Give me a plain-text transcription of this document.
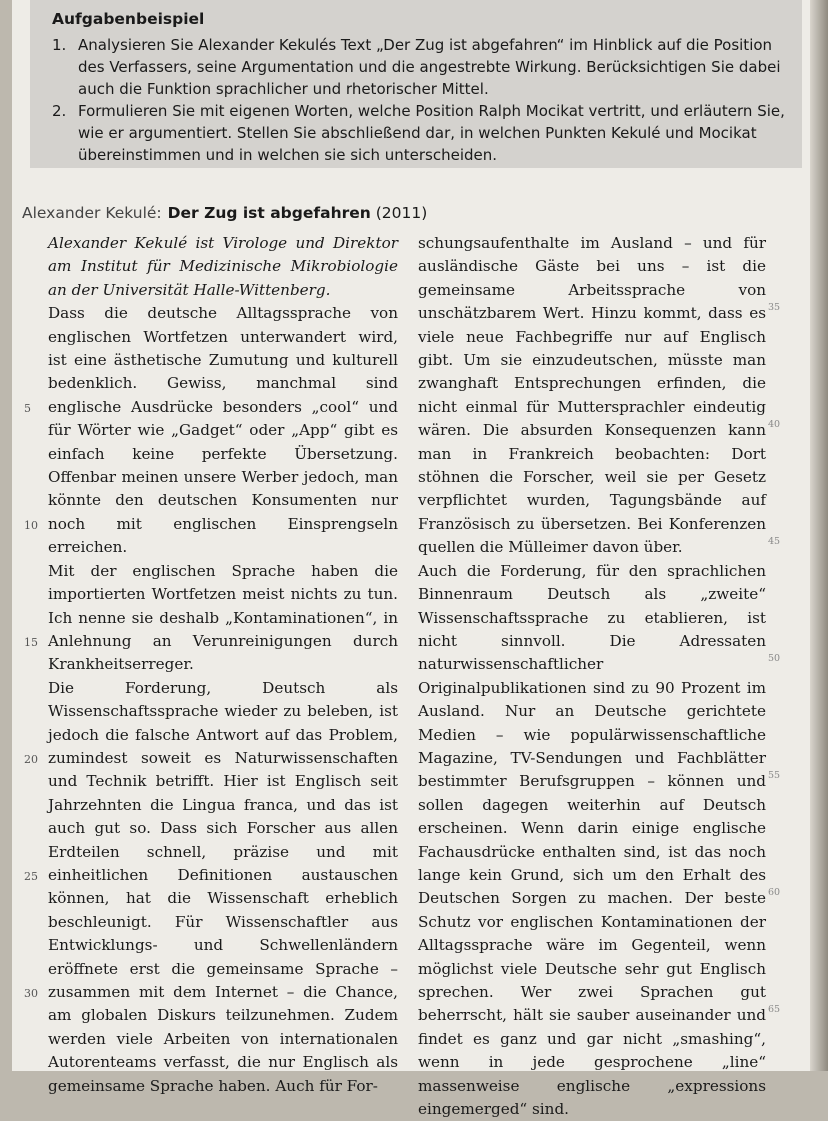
Aufgabenbeispiel
1. Analysieren Sie Alexander Kekulés Text „Der Zug ist abgefahren“ im Hinblick auf die Position des Verfassers, seine Argumentation und die angestrebte Wirkung. Berücksichtigen Sie dabei auch die Funktion sprachlicher und rhetorischer Mittel.
2. Formulieren Sie mit eigenen Worten, welche Position Ralph Mocikat vertritt, und erläutern Sie, wie er argumentiert. Stellen Sie abschließend dar, in welchen Punkten Kekulé und Mocikat übereinstimmen und in welchen sie sich unterscheiden.
Alexander Kekulé: Der Zug ist abgefahren (2011)

Alexander Kekulé ist Virologe und Direktor am Institut für Medizinische Mikrobiologie an der Universität Halle-Wittenberg.

Dass die deutsche Alltagssprache von englischen Wortfetzen unterwandert wird, ist eine ästhetische Zumutung und kulturell bedenklich. Gewiss, manchmal sind englische Ausdrücke besonders „cool“ und für Wörter wie „Gadget“ oder „App“ gibt es einfach keine perfekte Übersetzung. Offenbar meinen unsere Werber jedoch, man könnte den deutschen Konsumenten nur noch mit englischen Einsprengseln erreichen.

Mit der englischen Sprache haben die importierten Wortfetzen meist nichts zu tun. Ich nenne sie deshalb „Kontaminationen“, in Anlehnung an Verunreinigungen durch Krankheitserreger.

Die Forderung, Deutsch als Wissenschaftssprache wieder zu beleben, ist jedoch die falsche Antwort auf das Problem, zumindest soweit es Naturwissenschaften und Technik betrifft. Hier ist Englisch seit Jahrzehnten die Lingua franca, und das ist auch gut so. Dass sich Forscher aus allen Erdteilen schnell, präzise und mit einheitlichen Definitionen austauschen können, hat die Wissenschaft erheblich beschleunigt. Für Wissenschaftler aus Entwicklungs- und Schwellenländern eröffnete erst die gemeinsame Sprache – zusammen mit dem Internet – die Chance, am globalen Diskurs teilzunehmen. Zudem werden viele Arbeiten von internationalen Autorenteams verfasst, die nur Englisch als gemeinsame Sprache haben. Auch für For-

schungsaufenthalte im Ausland – und für ausländische Gäste bei uns – ist die gemeinsame Arbeitssprache von unschätzbarem Wert. Hinzu kommt, dass es viele neue Fachbegriffe nur auf Englisch gibt. Um sie einzudeutschen, müsste man zwanghaft Entsprechungen erfinden, die nicht einmal für Muttersprachler eindeutig wären. Die absurden Konsequenzen kann man in Frankreich beobachten: Dort stöhnen die Forscher, weil sie per Gesetz verpflichtet wurden, Tagungsbände auf Französisch zu übersetzen. Bei Konferenzen quellen die Mülleimer davon über.

Auch die Forderung, für den sprachlichen Binnenraum Deutsch als „zweite“ Wissenschaftssprache zu etablieren, ist nicht sinnvoll. Die Adressaten naturwissenschaftlicher Originalpublikationen sind zu 90 Prozent im Ausland. Nur an Deutsche gerichtete Medien – wie populärwissenschaftliche Magazine, TV-Sendungen und Fachblätter bestimmter Berufsgruppen – können und sollen dagegen weiterhin auf Deutsch erscheinen. Wenn darin einige englische Fachausdrücke enthalten sind, ist das noch lange kein Grund, sich um den Erhalt des Deutschen Sorgen zu machen. Der beste Schutz vor englischen Kontaminationen der Alltagssprache wäre im Gegenteil, wenn möglichst viele Deutsche sehr gut Englisch sprechen. Wer zwei Sprachen gut beherrscht, hält sie sauber auseinander und findet es ganz und gar nicht „smashing“, wenn in jede gesprochene „line“ massenweise englische „expressions eingemerged“ sind.

5
10
15
20
25
30
35
40
45
50
55
60
65
